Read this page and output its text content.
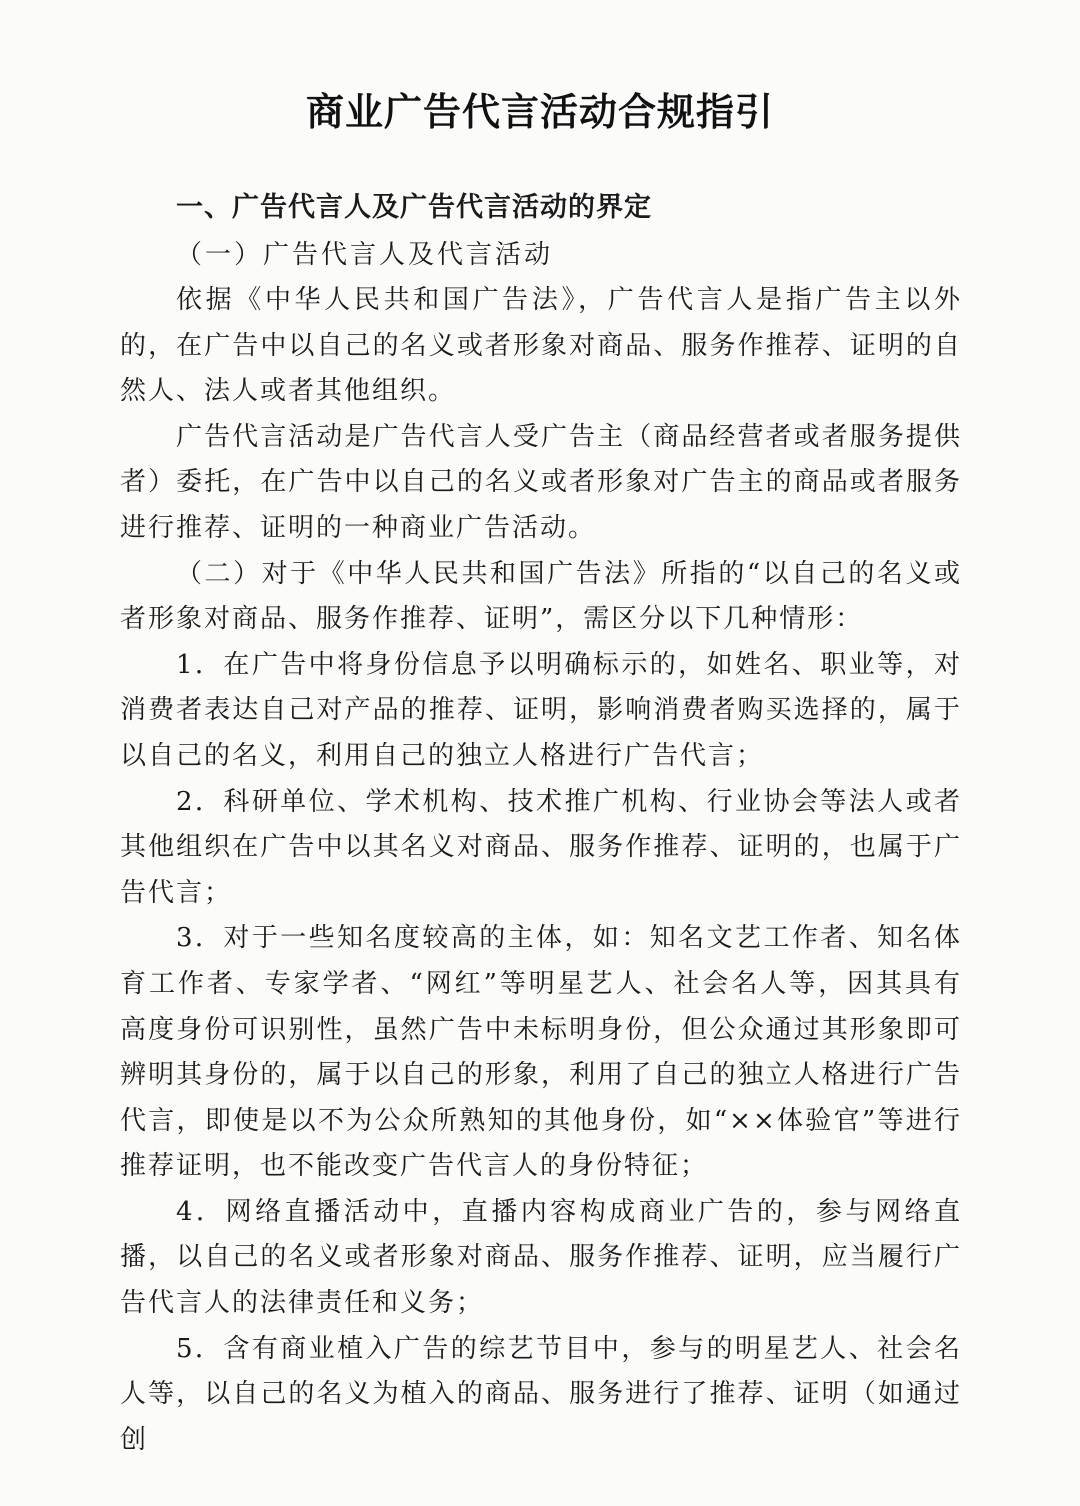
商业广告代言活动合规指引

一、广告代言人及广告代言活动的界定

（一）广告代言人及代言活动

依据《中华人民共和国广告法》，广告代言人是指广告主以外的，在广告中以自己的名义或者形象对商品、服务作推荐、证明的自然人、法人或者其他组织。

广告代言活动是广告代言人受广告主（商品经营者或者服务提供者）委托，在广告中以自己的名义或者形象对广告主的商品或者服务进行推荐、证明的一种商业广告活动。

（二）对于《中华人民共和国广告法》所指的“以自己的名义或者形象对商品、服务作推荐、证明”，需区分以下几种情形：

1．在广告中将身份信息予以明确标示的，如姓名、职业等，对消费者表达自己对产品的推荐、证明，影响消费者购买选择的，属于以自己的名义，利用自己的独立人格进行广告代言；

2．科研单位、学术机构、技术推广机构、行业协会等法人或者其他组织在广告中以其名义对商品、服务作推荐、证明的，也属于广告代言；

3．对于一些知名度较高的主体，如：知名文艺工作者、知名体育工作者、专家学者、“网红”等明星艺人、社会名人等，因其具有高度身份可识别性，虽然广告中未标明身份，但公众通过其形象即可辨明其身份的，属于以自己的形象，利用了自己的独立人格进行广告代言，即使是以不为公众所熟知的其他身份，如“××体验官”等进行推荐证明，也不能改变广告代言人的身份特征；

4．网络直播活动中，直播内容构成商业广告的，参与网络直播，以自己的名义或者形象对商品、服务作推荐、证明，应当履行广告代言人的法律责任和义务；

5．含有商业植入广告的综艺节目中，参与的明星艺人、社会名人等，以自己的名义为植入的商品、服务进行了推荐、证明（如通过创
